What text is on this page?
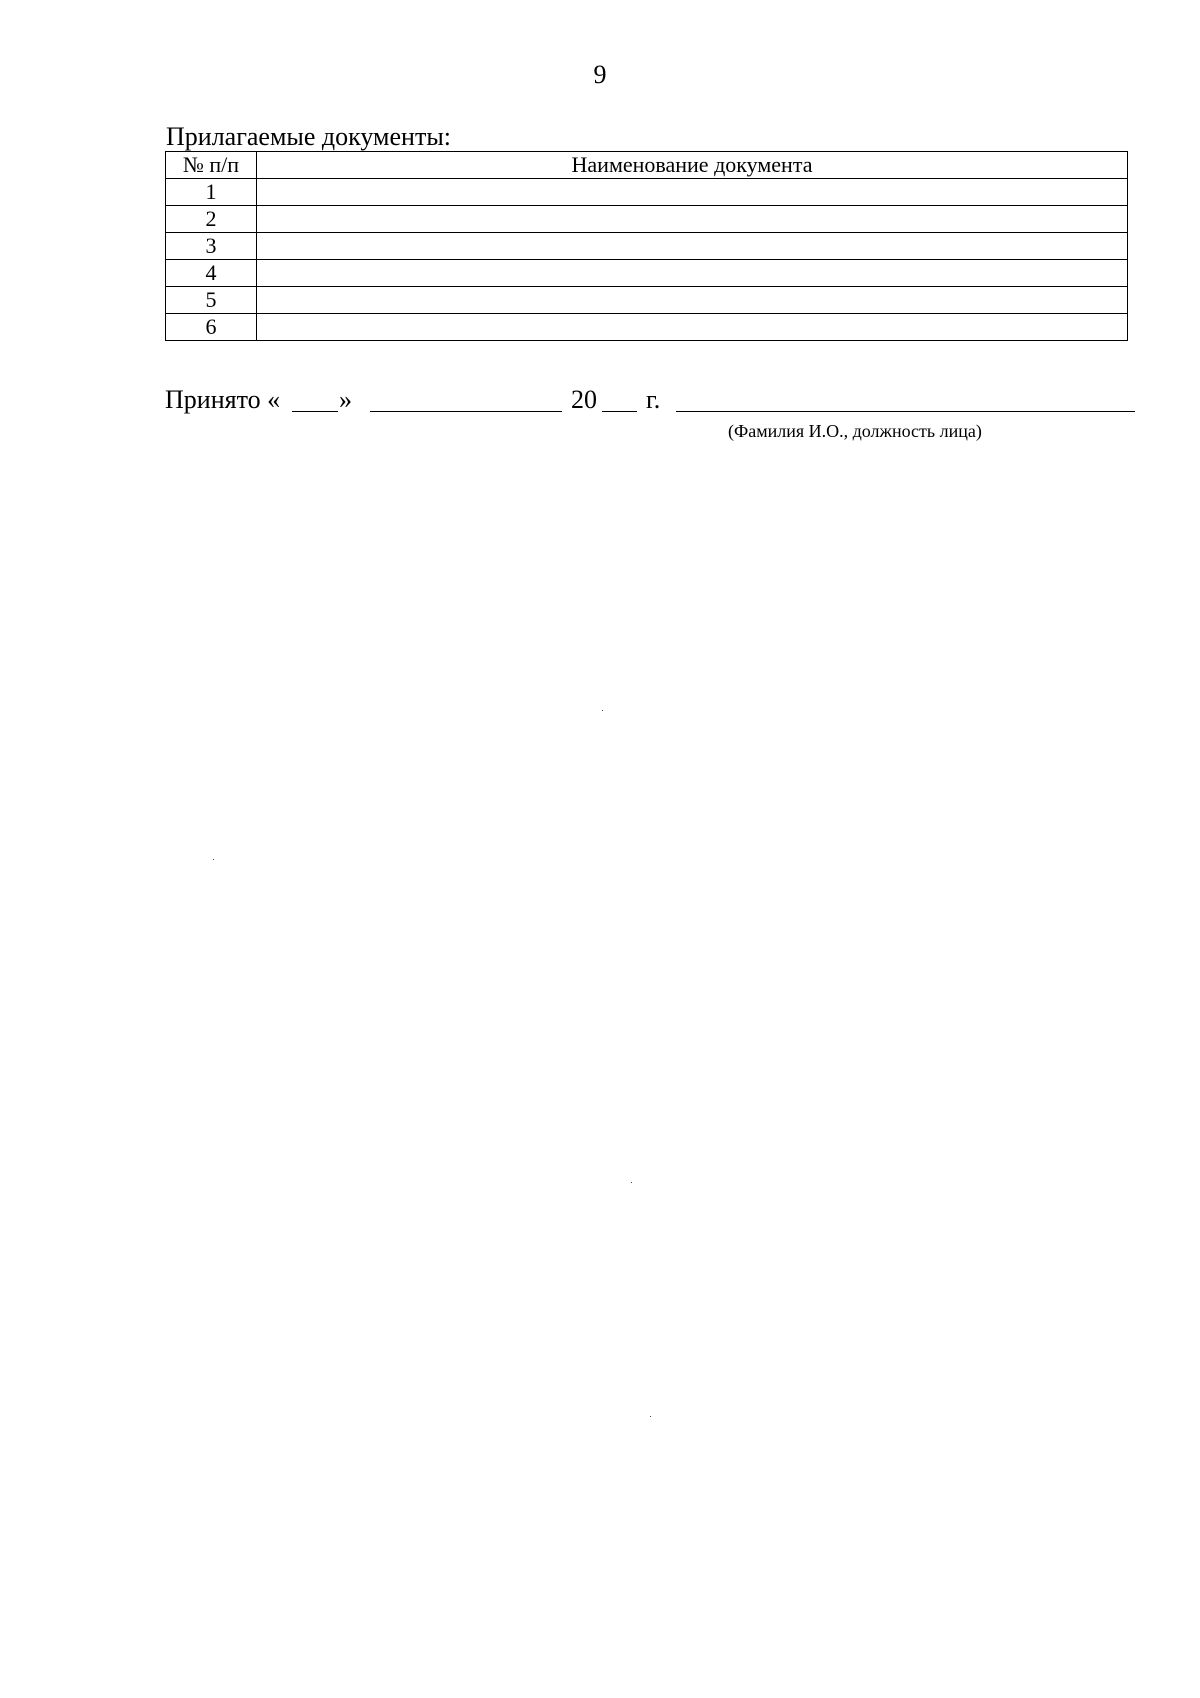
9
Прилагаемые документы:
№ п/п	Наименование документа
1	
2	
3	
4	
5	
6	
Принято « »	20 г.
(Фамилия И.О., должность лица)
